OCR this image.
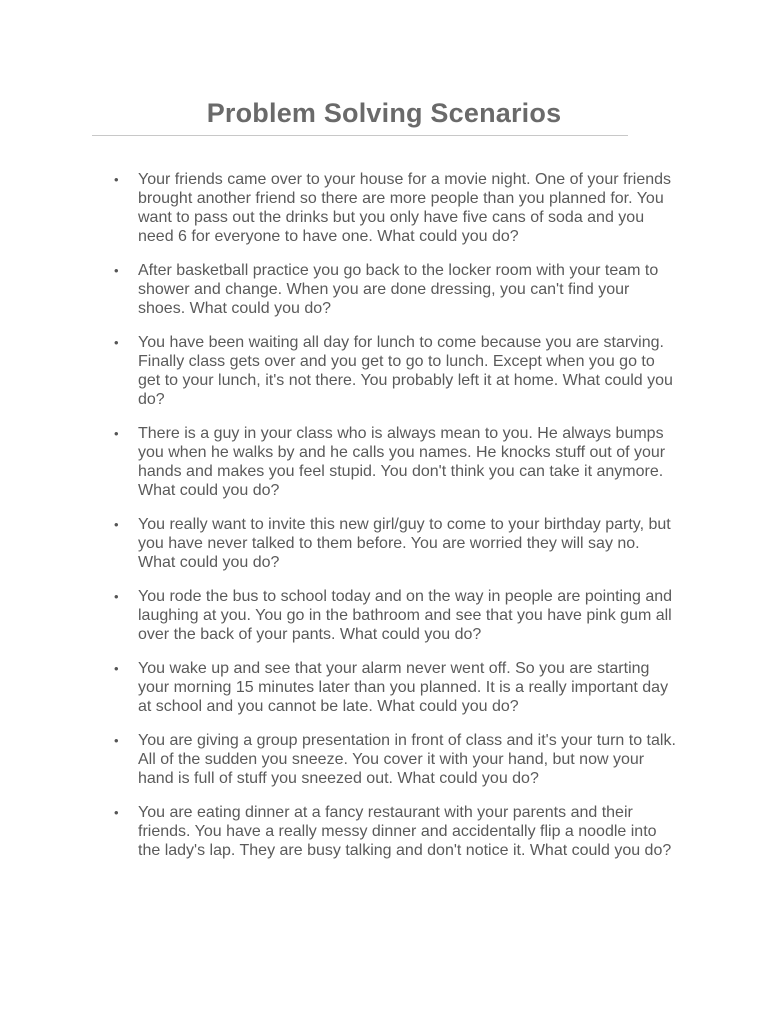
Problem Solving Scenarios
• Your friends came over to your house for a movie night. One of your friends brought another friend so there are more people than you planned for. You want to pass out the drinks but you only have five cans of soda and you need 6 for everyone to have one. What could you do?
• After basketball practice you go back to the locker room with your team to shower and change. When you are done dressing, you can't find your shoes. What could you do?
• You have been waiting all day for lunch to come because you are starving. Finally class gets over and you get to go to lunch. Except when you go to get to your lunch, it's not there. You probably left it at home. What could you do?
• There is a guy in your class who is always mean to you. He always bumps you when he walks by and he calls you names. He knocks stuff out of your hands and makes you feel stupid. You don't think you can take it anymore. What could you do?
• You really want to invite this new girl/guy to come to your birthday party, but you have never talked to them before. You are worried they will say no. What could you do?
• You rode the bus to school today and on the way in people are pointing and laughing at you. You go in the bathroom and see that you have pink gum all over the back of your pants. What could you do?
• You wake up and see that your alarm never went off. So you are starting your morning 15 minutes later than you planned. It is a really important day at school and you cannot be late. What could you do?
• You are giving a group presentation in front of class and it's your turn to talk. All of the sudden you sneeze. You cover it with your hand, but now your hand is full of stuff you sneezed out. What could you do?
• You are eating dinner at a fancy restaurant with your parents and their friends. You have a really messy dinner and accidentally flip a noodle into the lady's lap. They are busy talking and don't notice it. What could you do?
